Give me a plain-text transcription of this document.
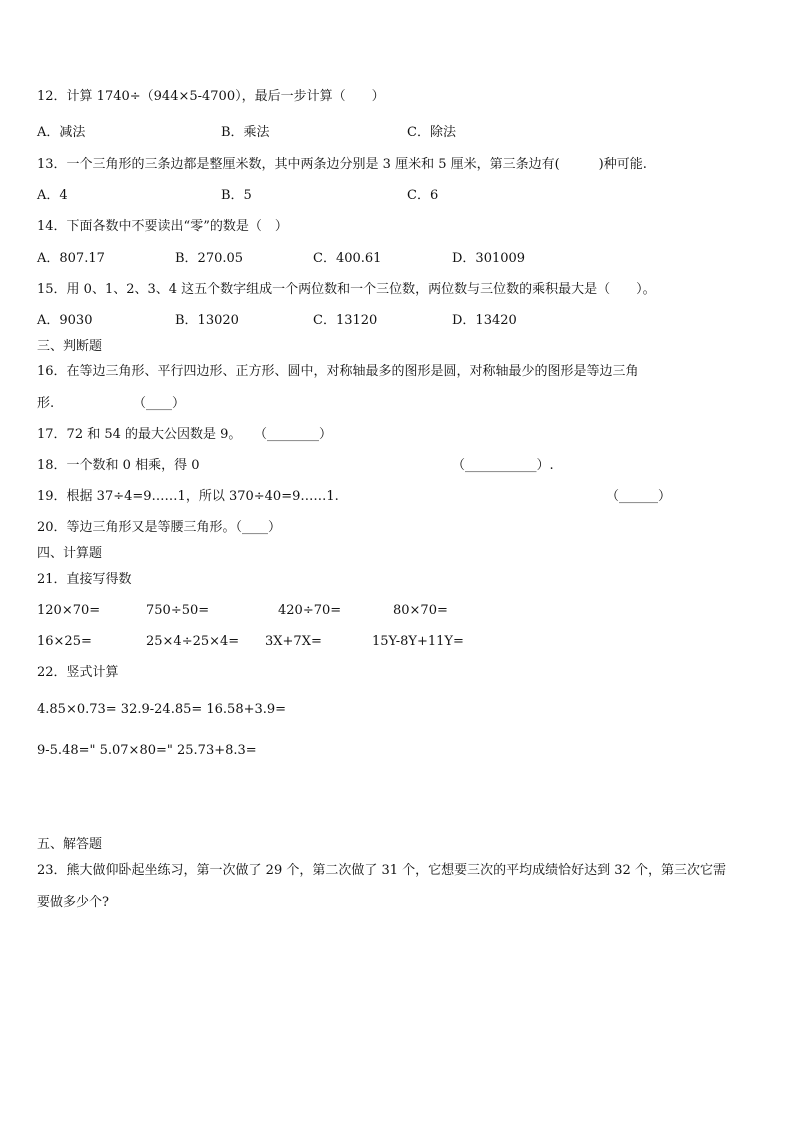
12．计算 1740÷（944×5-4700），最后一步计算（　　）
A．减法	B．乘法	C．除法
13．一个三角形的三条边都是整厘米数，其中两条边分别是 3 厘米和 5 厘米，第三条边有(　　　)种可能.
A．4	B．5	C．6
14．下面各数中不要读出“零”的数是（　）
A．807.17	B．270.05	C．400.61	D．301009
15．用 0、1、2、3、4 这五个数字组成一个两位数和一个三位数，两位数与三位数的乘积最大是（　　）。
A．9030	B．13020	C．13120	D．13420
三、判断题
16．在等边三角形、平行四边形、正方形、圆中，对称轴最多的图形是圆，对称轴最少的图形是等边三角
形.	（____）
17．72 和 54 的最大公因数是 9。 （________）
18．一个数和 0 相乘，得 0	（___________）.
19．根据 37÷4=9……1，所以 370÷40=9……1.	（______）
20．等边三角形又是等腰三角形。（____）
四、计算题
21．直接写得数
120×70=	750÷50=	420÷70=	80×70=
16×25=	25×4÷25×4= 3X+7X=	15Y-8Y+11Y=
22．竖式计算
4.85×0.73= 32.9-24.85= 16.58+3.9=
9-5.48=" 5.07×80=" 25.73+8.3=
五、解答题
23．熊大做仰卧起坐练习，第一次做了 29 个，第二次做了 31 个，它想要三次的平均成绩恰好达到 32 个，第三次它需
要做多少个?
